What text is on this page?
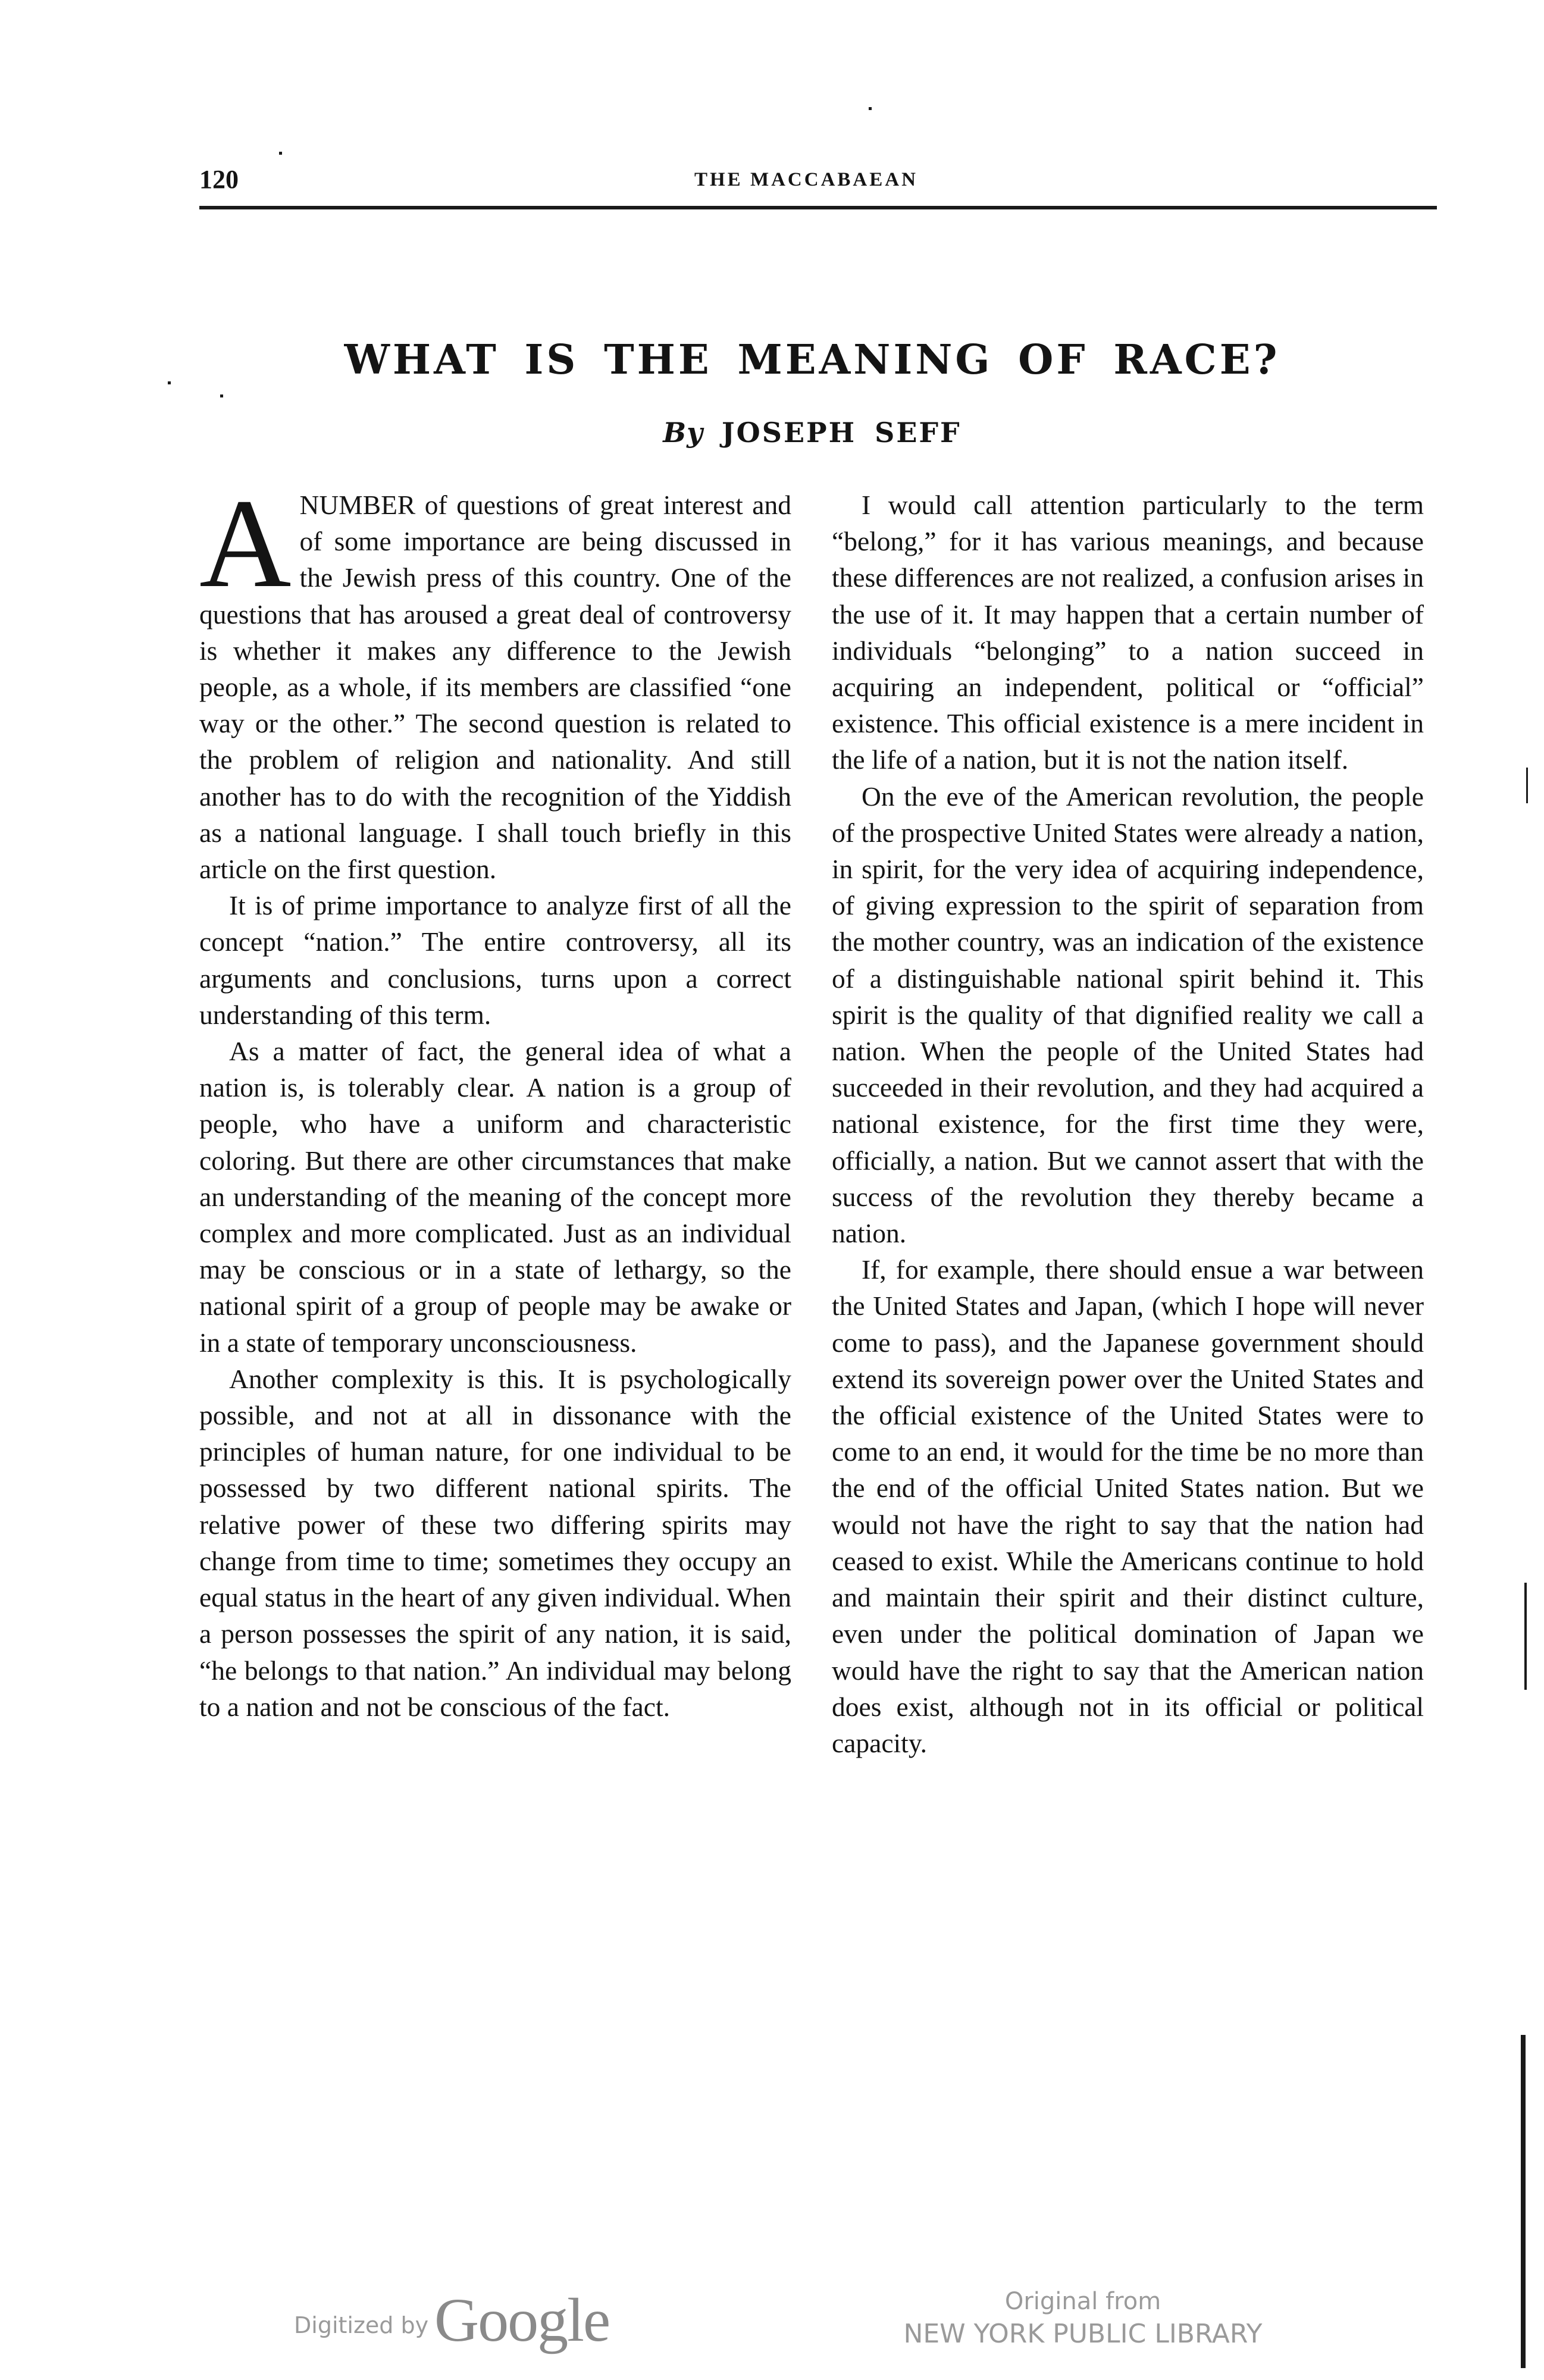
120	THE MACCABAEAN
WHAT IS THE MEANING OF RACE?
By JOSEPH SEFF

ANUMBER of questions of great interest and of some importance are being discussed in the Jewish press of this country. One of the questions that has aroused a great deal of controversy is whether it makes any difference to the Jewish people, as a whole, if its members are classified “one way or the other.” The second question is related to the problem of religion and nationality. And still another has to do with the recognition of the Yiddish as a national language. I shall touch briefly in this article on the first question.

It is of prime importance to analyze first of all the concept “nation.” The entire controversy, all its arguments and conclusions, turns upon a correct understanding of this term.

As a matter of fact, the general idea of what a nation is, is tolerably clear. A nation is a group of people, who have a uniform and characteristic coloring. But there are other circumstances that make an understanding of the meaning of the concept more complex and more complicated. Just as an individual may be conscious or in a state of lethargy, so the national spirit of a group of people may be awake or in a state of temporary unconsciousness.

Another complexity is this. It is psychologically possible, and not at all in dissonance with the principles of human nature, for one individual to be possessed by two different national spirits. The relative power of these two differing spirits may change from time to time; sometimes they occupy an equal status in the heart of any given individual. When a person possesses the spirit of any nation, it is said, “he belongs to that nation.” An individual may belong to a nation and not be conscious of the fact.

I would call attention particularly to the term “belong,” for it has various meanings, and because these differences are not realized, a confusion arises in the use of it. It may happen that a certain number of individuals “belonging” to a nation succeed in acquiring an independent, political or “official” existence. This official existence is a mere incident in the life of a nation, but it is not the nation itself.

On the eve of the American revolution, the people of the prospective United States were already a nation, in spirit, for the very idea of acquiring independence, of giving expression to the spirit of separation from the mother country, was an indication of the existence of a distinguishable national spirit behind it. This spirit is the quality of that dignified reality we call a nation. When the people of the United States had succeeded in their revolution, and they had acquired a national existence, for the first time they were, officially, a nation. But we cannot assert that with the success of the revolution they thereby became a nation.

If, for example, there should ensue a war between the United States and Japan, (which I hope will never come to pass), and the Japanese government should extend its sovereign power over the United States and the official existence of the United States were to come to an end, it would for the time be no more than the end of the official United States nation. But we would not have the right to say that the nation had ceased to exist. While the Americans continue to hold and maintain their spirit and their distinct culture, even under the political domination of Japan we would have the right to say that the American nation does exist, although not in its official or political capacity.

Digitized by Google	Original from
NEW YORK PUBLIC LIBRARY
